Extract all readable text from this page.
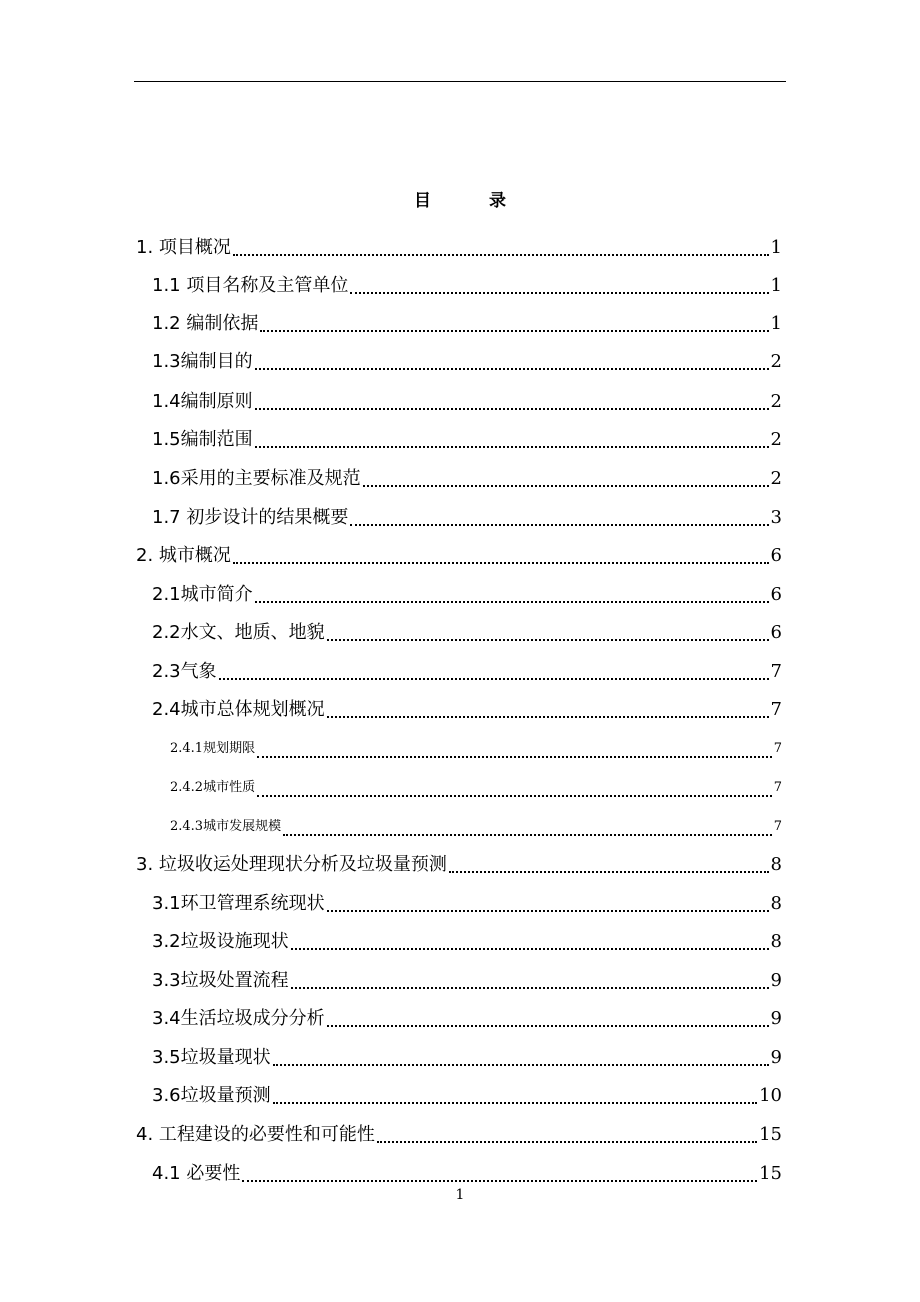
目	录
1. 项目概况	1
1.1 项目名称及主管单位	1
1.2 编制依据	1
1.3编制目的	2
1.4编制原则	2
1.5编制范围	2
1.6采用的主要标准及规范	2
1.7 初步设计的结果概要	3
2. 城市概况	6
2.1城市简介	6
2.2水文、地质、地貌	6
2.3气象	7
2.4城市总体规划概况	7
2.4.1规划期限	7
2.4.2城市性质	7
2.4.3城市发展规模	7
3. 垃圾收运处理现状分析及垃圾量预测	8
3.1环卫管理系统现状	8
3.2垃圾设施现状	8
3.3垃圾处置流程	9
3.4生活垃圾成分分析	9
3.5垃圾量现状	9
3.6垃圾量预测	10
4. 工程建设的必要性和可能性	15
4.1 必要性	15
1
